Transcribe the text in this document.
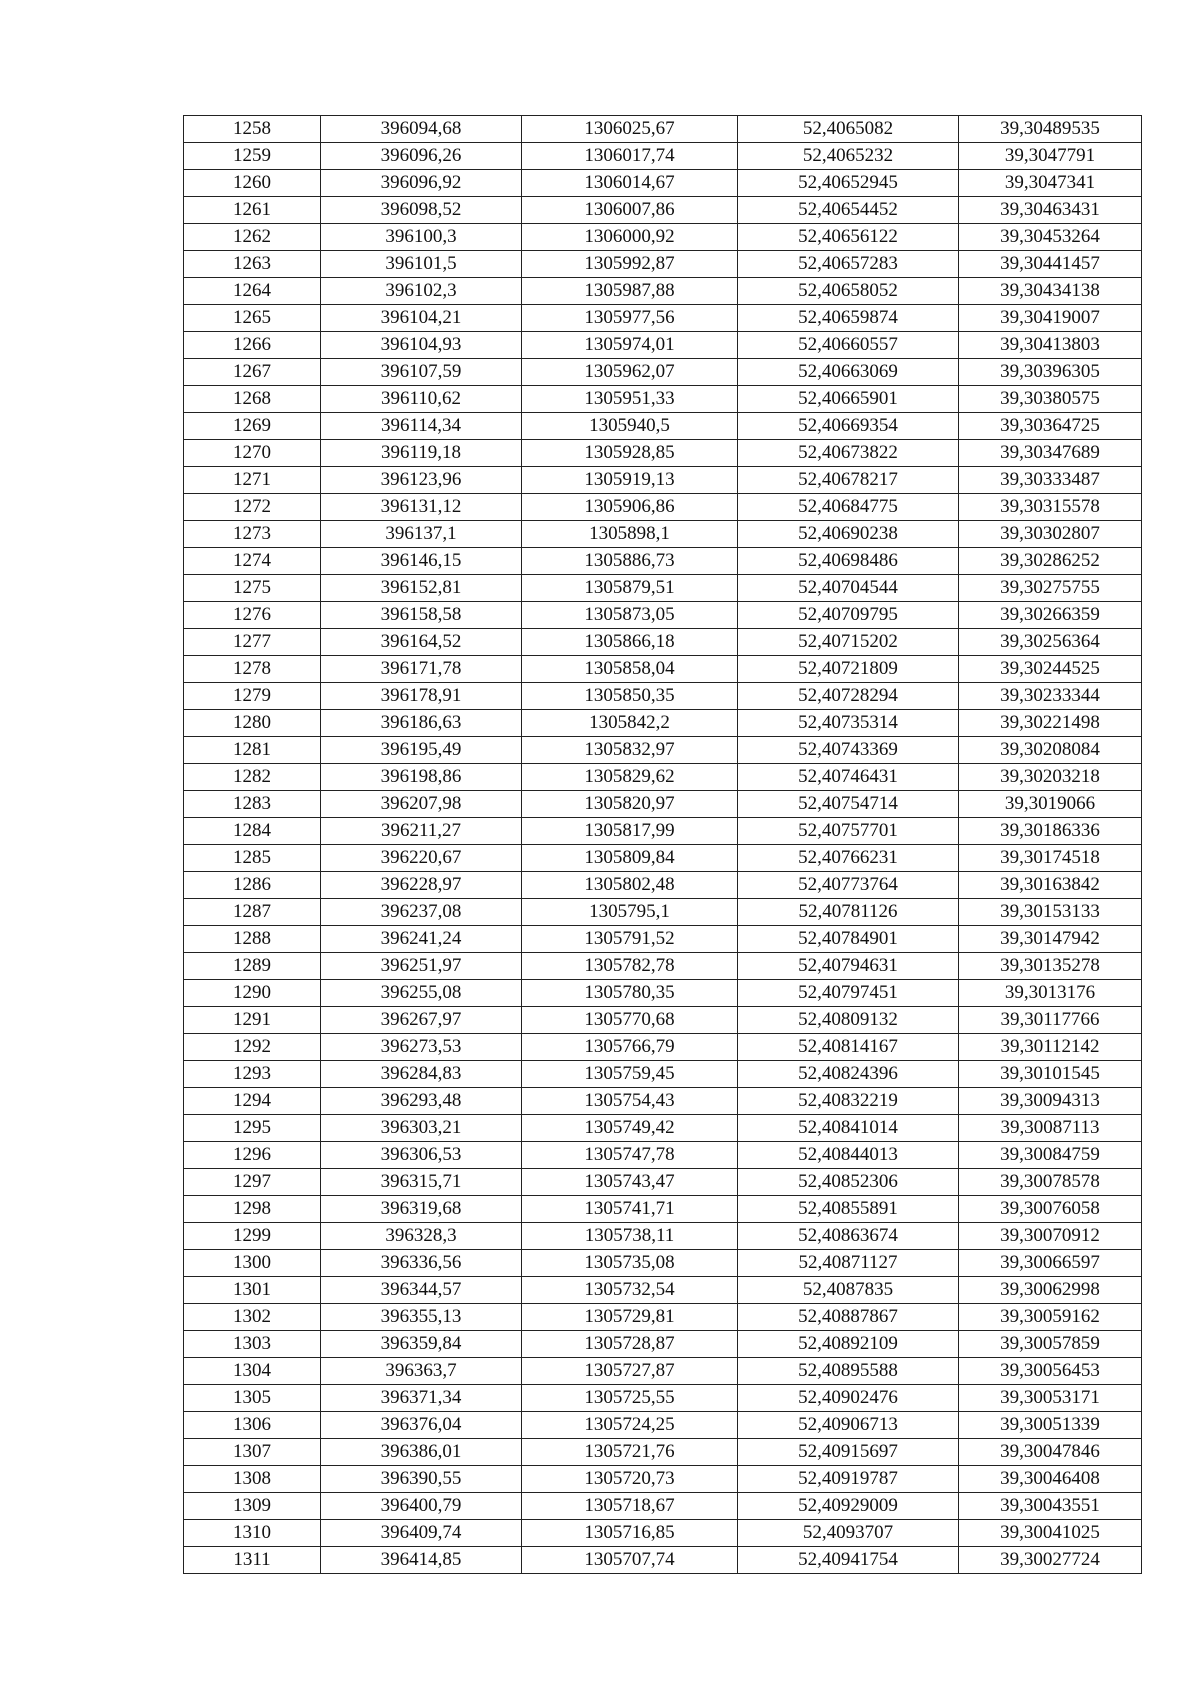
1258	396094,68	1306025,67	52,4065082	39,30489535
1259	396096,26	1306017,74	52,4065232	39,3047791
1260	396096,92	1306014,67	52,40652945	39,3047341
1261	396098,52	1306007,86	52,40654452	39,30463431
1262	396100,3	1306000,92	52,40656122	39,30453264
1263	396101,5	1305992,87	52,40657283	39,30441457
1264	396102,3	1305987,88	52,40658052	39,30434138
1265	396104,21	1305977,56	52,40659874	39,30419007
1266	396104,93	1305974,01	52,40660557	39,30413803
1267	396107,59	1305962,07	52,40663069	39,30396305
1268	396110,62	1305951,33	52,40665901	39,30380575
1269	396114,34	1305940,5	52,40669354	39,30364725
1270	396119,18	1305928,85	52,40673822	39,30347689
1271	396123,96	1305919,13	52,40678217	39,30333487
1272	396131,12	1305906,86	52,40684775	39,30315578
1273	396137,1	1305898,1	52,40690238	39,30302807
1274	396146,15	1305886,73	52,40698486	39,30286252
1275	396152,81	1305879,51	52,40704544	39,30275755
1276	396158,58	1305873,05	52,40709795	39,30266359
1277	396164,52	1305866,18	52,40715202	39,30256364
1278	396171,78	1305858,04	52,40721809	39,30244525
1279	396178,91	1305850,35	52,40728294	39,30233344
1280	396186,63	1305842,2	52,40735314	39,30221498
1281	396195,49	1305832,97	52,40743369	39,30208084
1282	396198,86	1305829,62	52,40746431	39,30203218
1283	396207,98	1305820,97	52,40754714	39,3019066
1284	396211,27	1305817,99	52,40757701	39,30186336
1285	396220,67	1305809,84	52,40766231	39,30174518
1286	396228,97	1305802,48	52,40773764	39,30163842
1287	396237,08	1305795,1	52,40781126	39,30153133
1288	396241,24	1305791,52	52,40784901	39,30147942
1289	396251,97	1305782,78	52,40794631	39,30135278
1290	396255,08	1305780,35	52,40797451	39,3013176
1291	396267,97	1305770,68	52,40809132	39,30117766
1292	396273,53	1305766,79	52,40814167	39,30112142
1293	396284,83	1305759,45	52,40824396	39,30101545
1294	396293,48	1305754,43	52,40832219	39,30094313
1295	396303,21	1305749,42	52,40841014	39,30087113
1296	396306,53	1305747,78	52,40844013	39,30084759
1297	396315,71	1305743,47	52,40852306	39,30078578
1298	396319,68	1305741,71	52,40855891	39,30076058
1299	396328,3	1305738,11	52,40863674	39,30070912
1300	396336,56	1305735,08	52,40871127	39,30066597
1301	396344,57	1305732,54	52,4087835	39,30062998
1302	396355,13	1305729,81	52,40887867	39,30059162
1303	396359,84	1305728,87	52,40892109	39,30057859
1304	396363,7	1305727,87	52,40895588	39,30056453
1305	396371,34	1305725,55	52,40902476	39,30053171
1306	396376,04	1305724,25	52,40906713	39,30051339
1307	396386,01	1305721,76	52,40915697	39,30047846
1308	396390,55	1305720,73	52,40919787	39,30046408
1309	396400,79	1305718,67	52,40929009	39,30043551
1310	396409,74	1305716,85	52,4093707	39,30041025
1311	396414,85	1305707,74	52,40941754	39,30027724
